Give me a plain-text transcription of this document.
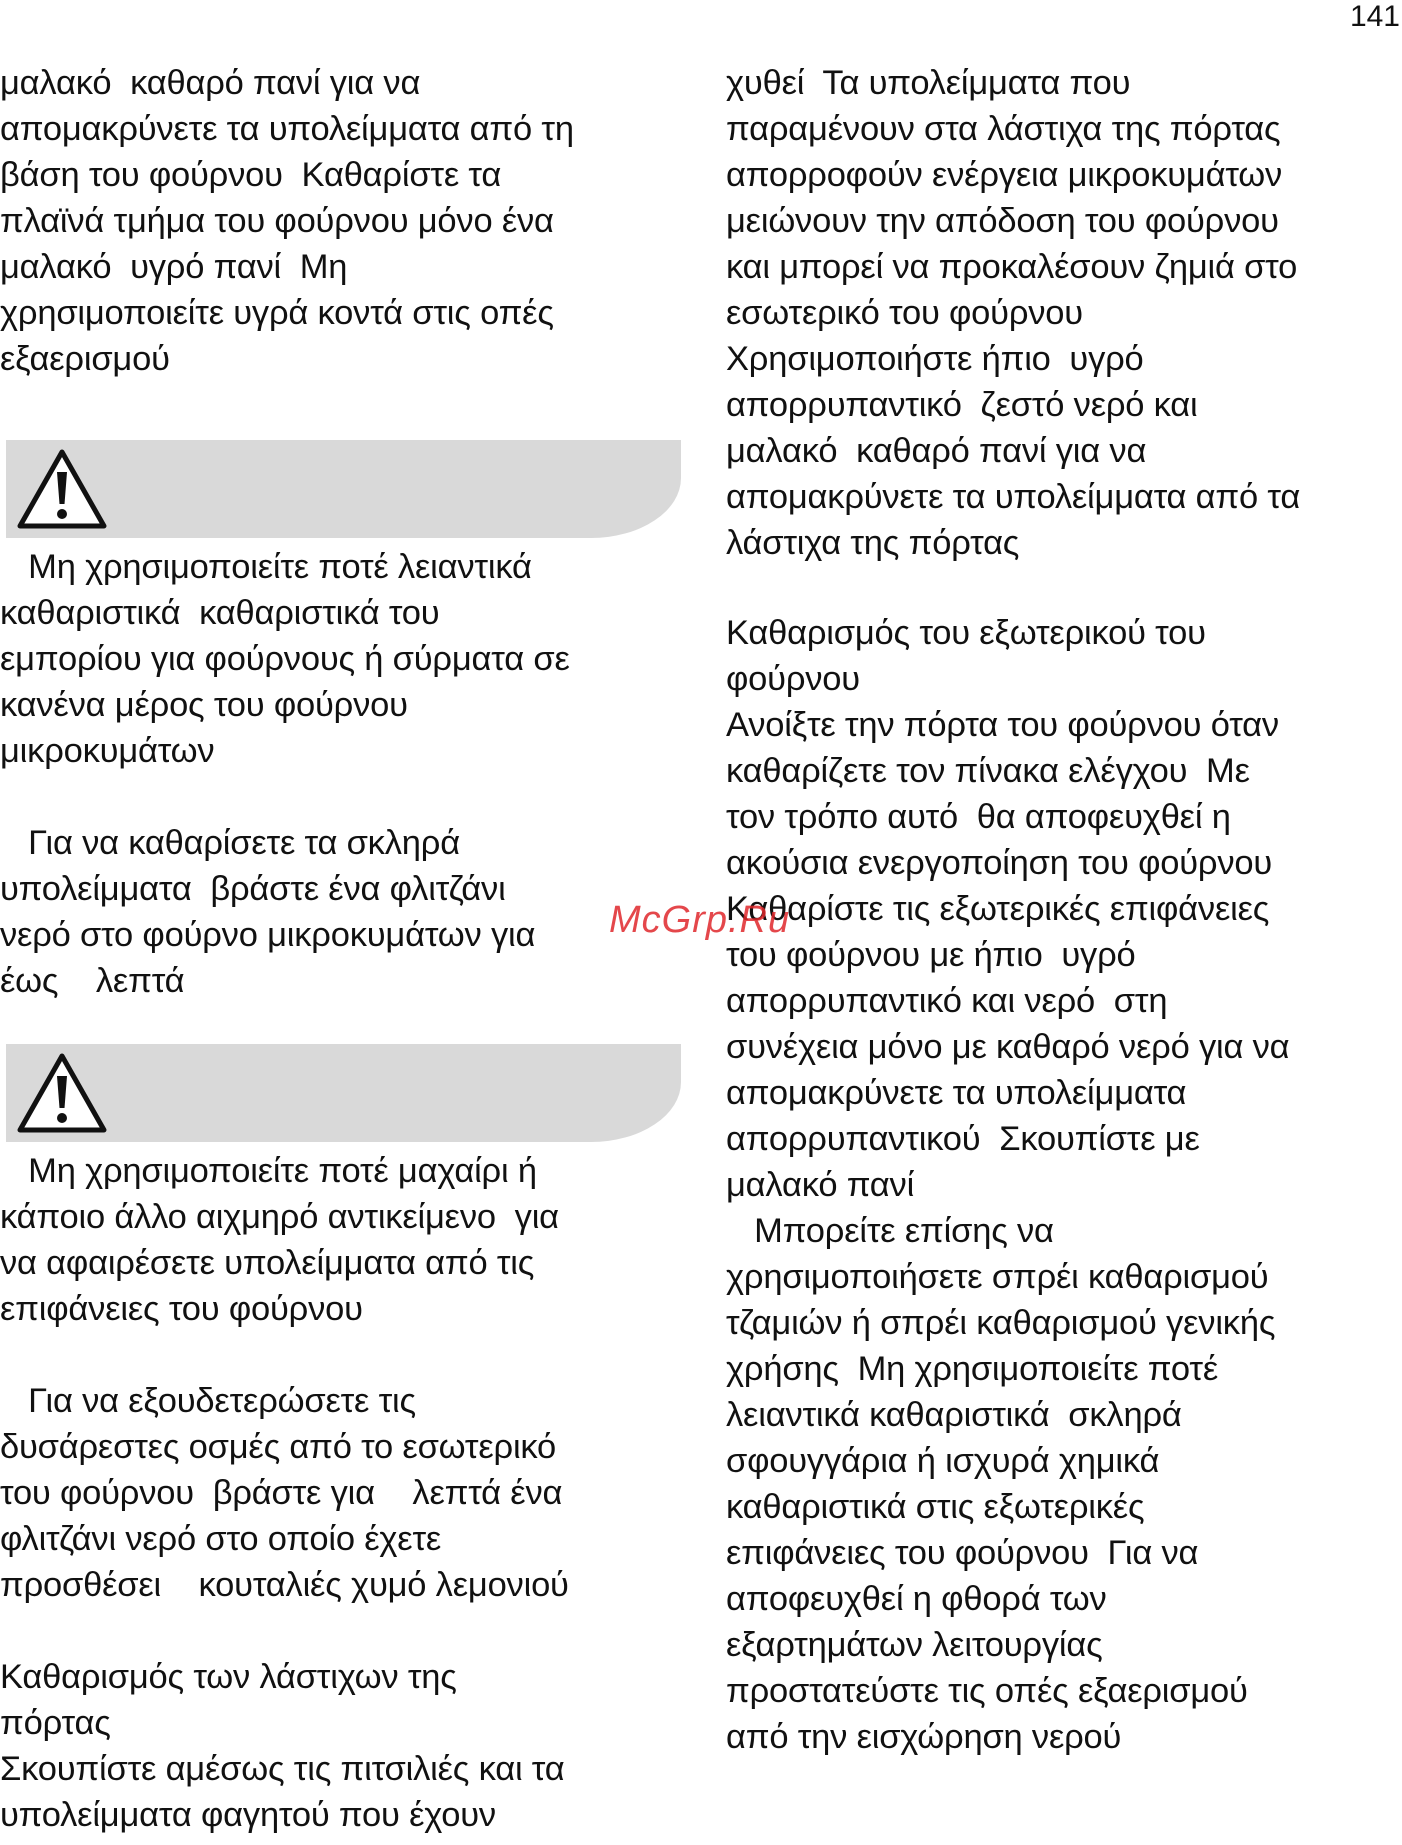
141
μαλακό  καθαρό πανί για να
απομακρύνετε τα υπολείμματα από τη
βάση του φούρνου  Καθαρίστε τα
πλαϊνά τμήμα του φούρνου μόνο ένα
μαλακό  υγρό πανί  Μη
χρησιμοποιείτε υγρά κοντά στις οπές
εξαερισμού
Μη χρησιμοποιείτε ποτέ λειαντικά
καθαριστικά  καθαριστικά του
εμπορίου για φούρνους ή σύρματα σε
κανένα μέρος του φούρνου
μικροκυμάτων
Για να καθαρίσετε τα σκληρά
υπολείμματα  βράστε ένα φλιτζάνι
νερό στο φούρνο μικροκυμάτων για
έως    λεπτά
Μη χρησιμοποιείτε ποτέ μαχαίρι ή
κάποιο άλλο αιχμηρό αντικείμενο  για
να αφαιρέσετε υπολείμματα από τις
επιφάνειες του φούρνου
Για να εξουδετερώσετε τις
δυσάρεστες οσμές από το εσωτερικό
του φούρνου  βράστε για    λεπτά ένα
φλιτζάνι νερό στο οποίο έχετε
προσθέσει    κουταλιές χυμό λεμονιού
Καθαρισμός των λάστιχων της
πόρτας
Σκουπίστε αμέσως τις πιτσιλιές και τα
υπολείμματα φαγητού που έχουν
χυθεί  Τα υπολείμματα που
παραμένουν στα λάστιχα της πόρτας
απορροφούν ενέργεια μικροκυμάτων
μειώνουν την απόδοση του φούρνου
και μπορεί να προκαλέσουν ζημιά στο
εσωτερικό του φούρνου
Χρησιμοποιήστε ήπιο  υγρό
απορρυπαντικό  ζεστό νερό και
μαλακό  καθαρό πανί για να
απομακρύνετε τα υπολείμματα από τα
λάστιχα της πόρτας
Καθαρισμός του εξωτερικού του
φούρνου
Ανοίξτε την πόρτα του φούρνου όταν
καθαρίζετε τον πίνακα ελέγχου  Με
τον τρόπο αυτό  θα αποφευχθεί η
ακούσια ενεργοποίηση του φούρνου
Καθαρίστε τις εξωτερικές επιφάνειες
του φούρνου με ήπιο  υγρό
απορρυπαντικό και νερό  στη
συνέχεια μόνο με καθαρό νερό για να
απομακρύνετε τα υπολείμματα
απορρυπαντικού  Σκουπίστε με
μαλακό πανί
Μπορείτε επίσης να
χρησιμοποιήσετε σπρέι καθαρισμού
τζαμιών ή σπρέι καθαρισμού γενικής
χρήσης  Μη χρησιμοποιείτε ποτέ
λειαντικά καθαριστικά  σκληρά
σφουγγάρια ή ισχυρά χημικά
καθαριστικά στις εξωτερικές
επιφάνειες του φούρνου  Για να
αποφευχθεί η φθορά των
εξαρτημάτων λειτουργίας
προστατεύστε τις οπές εξαερισμού
από την εισχώρηση νερού
McGrp.Ru
